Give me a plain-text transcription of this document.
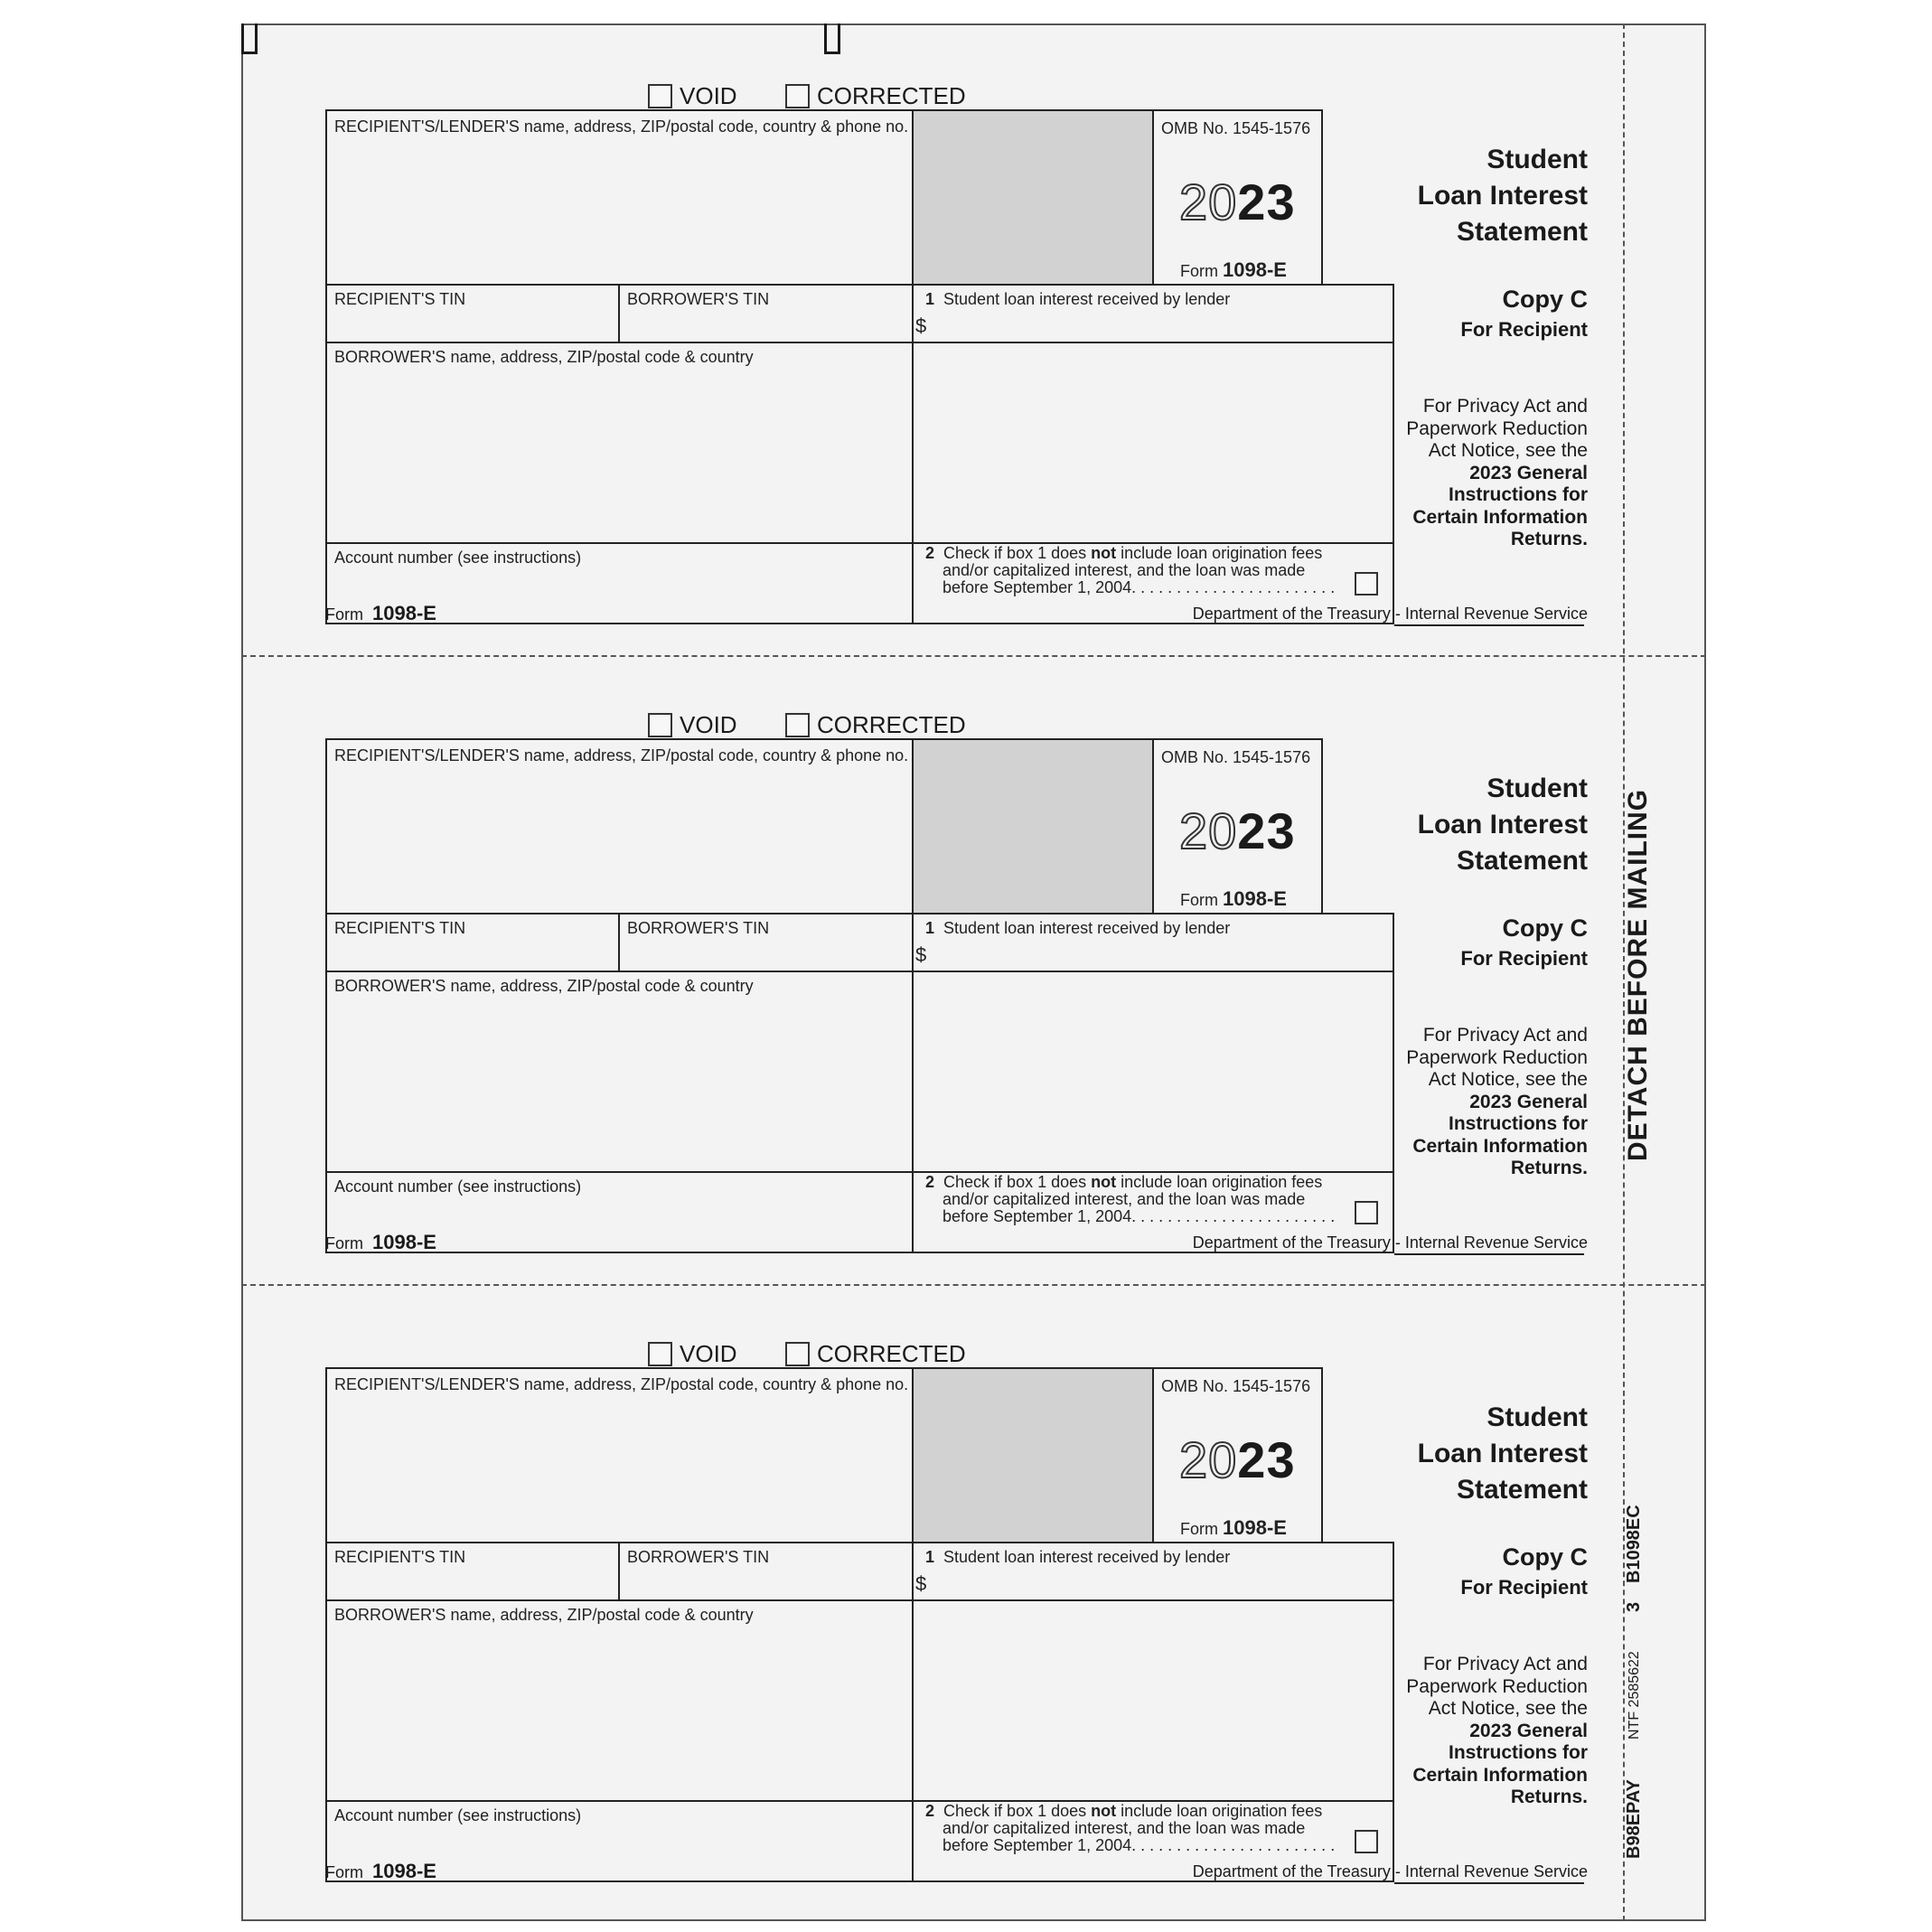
DETACH BEFORE MAILING
B1098EC
3
NTF 2585622
B98EPAY
VOID	CORRECTED
RECIPIENT'S/LENDER'S name, address, ZIP/postal code, country & phone no.	OMB No. 1545-1576
2023
Form 1098-E
Student
Loan Interest
Statement
RECIPIENT'S TIN	BORROWER'S TIN	1 Student loan interest received by lender
$
Copy C
For Recipient
BORROWER'S name, address, ZIP/postal code & country
For Privacy Act and
Paperwork Reduction
Act Notice, see the
2023 General
Instructions for
Certain Information
Returns.
Account number (see instructions)	2 Check if box 1 does not include loan origination fees
and/or capitalized interest, and the loan was made
before September 1, 2004. . . . . . . . . . . . . . . . . . . . . . .
Form 1098-E	Department of the Treasury - Internal Revenue Service
VOID	CORRECTED
RECIPIENT'S/LENDER'S name, address, ZIP/postal code, country & phone no.	OMB No. 1545-1576
2023
Form 1098-E
Student
Loan Interest
Statement
RECIPIENT'S TIN	BORROWER'S TIN	1 Student loan interest received by lender
$
Copy C
For Recipient
BORROWER'S name, address, ZIP/postal code & country
For Privacy Act and
Paperwork Reduction
Act Notice, see the
2023 General
Instructions for
Certain Information
Returns.
Account number (see instructions)	2 Check if box 1 does not include loan origination fees
and/or capitalized interest, and the loan was made
before September 1, 2004. . . . . . . . . . . . . . . . . . . . . . .
Form 1098-E	Department of the Treasury - Internal Revenue Service
VOID	CORRECTED
RECIPIENT'S/LENDER'S name, address, ZIP/postal code, country & phone no.	OMB No. 1545-1576
2023
Form 1098-E
Student
Loan Interest
Statement
RECIPIENT'S TIN	BORROWER'S TIN	1 Student loan interest received by lender
$
Copy C
For Recipient
BORROWER'S name, address, ZIP/postal code & country
For Privacy Act and
Paperwork Reduction
Act Notice, see the
2023 General
Instructions for
Certain Information
Returns.
Account number (see instructions)	2 Check if box 1 does not include loan origination fees
and/or capitalized interest, and the loan was made
before September 1, 2004. . . . . . . . . . . . . . . . . . . . . . .
Form 1098-E	Department of the Treasury - Internal Revenue Service
